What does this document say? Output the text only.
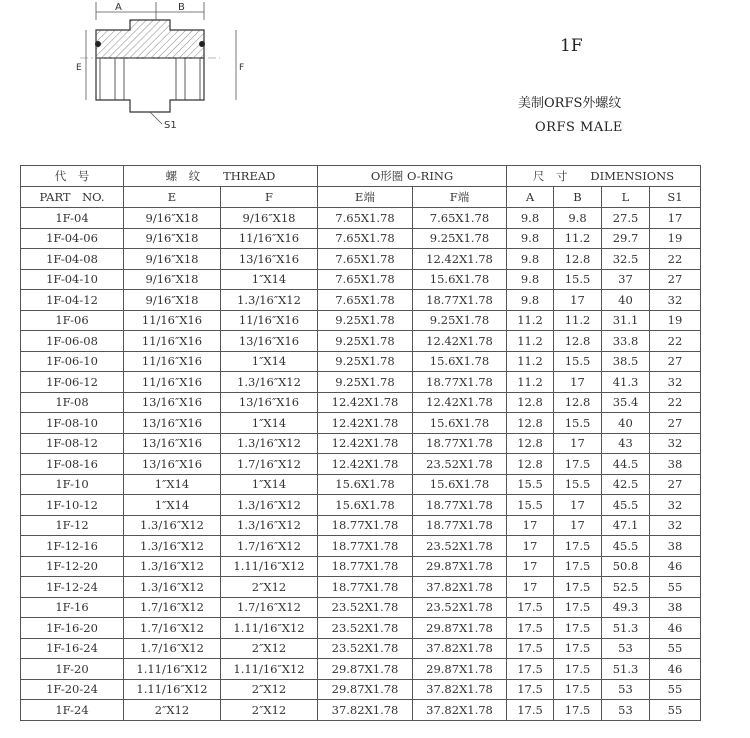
A	B
E	F
S1
1F
美制ORFS外螺纹
ORFS MALE
代　号	螺　纹　　THREAD		O形圈 O-RING		尺　寸　　DIMENSIONS			
PART　NO.	E	F	E端	F端	A	B	L	S1
1F-04	9/16″X18	9/16″X18	7.65X1.78	7.65X1.78	9.8	9.8	27.5	17
1F-04-06	9/16″X18	11/16″X16	7.65X1.78	9.25X1.78	9.8	11.2	29.7	19
1F-04-08	9/16″X18	13/16″X16	7.65X1.78	12.42X1.78	9.8	12.8	32.5	22
1F-04-10	9/16″X18	1″X14	7.65X1.78	15.6X1.78	9.8	15.5	37	27
1F-04-12	9/16″X18	1.3/16″X12	7.65X1.78	18.77X1.78	9.8	17	40	32
1F-06	11/16″X16	11/16″X16	9.25X1.78	9.25X1.78	11.2	11.2	31.1	19
1F-06-08	11/16″X16	13/16″X16	9.25X1.78	12.42X1.78	11.2	12.8	33.8	22
1F-06-10	11/16″X16	1″X14	9.25X1.78	15.6X1.78	11.2	15.5	38.5	27
1F-06-12	11/16″X16	1.3/16″X12	9.25X1.78	18.77X1.78	11.2	17	41.3	32
1F-08	13/16″X16	13/16″X16	12.42X1.78	12.42X1.78	12.8	12.8	35.4	22
1F-08-10	13/16″X16	1″X14	12.42X1.78	15.6X1.78	12.8	15.5	40	27
1F-08-12	13/16″X16	1.3/16″X12	12.42X1.78	18.77X1.78	12.8	17	43	32
1F-08-16	13/16″X16	1.7/16″X12	12.42X1.78	23.52X1.78	12.8	17.5	44.5	38
1F-10	1″X14	1″X14	15.6X1.78	15.6X1.78	15.5	15.5	42.5	27
1F-10-12	1″X14	1.3/16″X12	15.6X1.78	18.77X1.78	15.5	17	45.5	32
1F-12	1.3/16″X12	1.3/16″X12	18.77X1.78	18.77X1.78	17	17	47.1	32
1F-12-16	1.3/16″X12	1.7/16″X12	18.77X1.78	23.52X1.78	17	17.5	45.5	38
1F-12-20	1.3/16″X12	1.11/16″X12	18.77X1.78	29.87X1.78	17	17.5	50.8	46
1F-12-24	1.3/16″X12	2″X12	18.77X1.78	37.82X1.78	17	17.5	52.5	55
1F-16	1.7/16″X12	1.7/16″X12	23.52X1.78	23.52X1.78	17.5	17.5	49.3	38
1F-16-20	1.7/16″X12	1.11/16″X12	23.52X1.78	29.87X1.78	17.5	17.5	51.3	46
1F-16-24	1.7/16″X12	2″X12	23.52X1.78	37.82X1.78	17.5	17.5	53	55
1F-20	1.11/16″X12	1.11/16″X12	29.87X1.78	29.87X1.78	17.5	17.5	51.3	46
1F-20-24	1.11/16″X12	2″X12	29.87X1.78	37.82X1.78	17.5	17.5	53	55
1F-24	2″X12	2″X12	37.82X1.78	37.82X1.78	17.5	17.5	53	55
